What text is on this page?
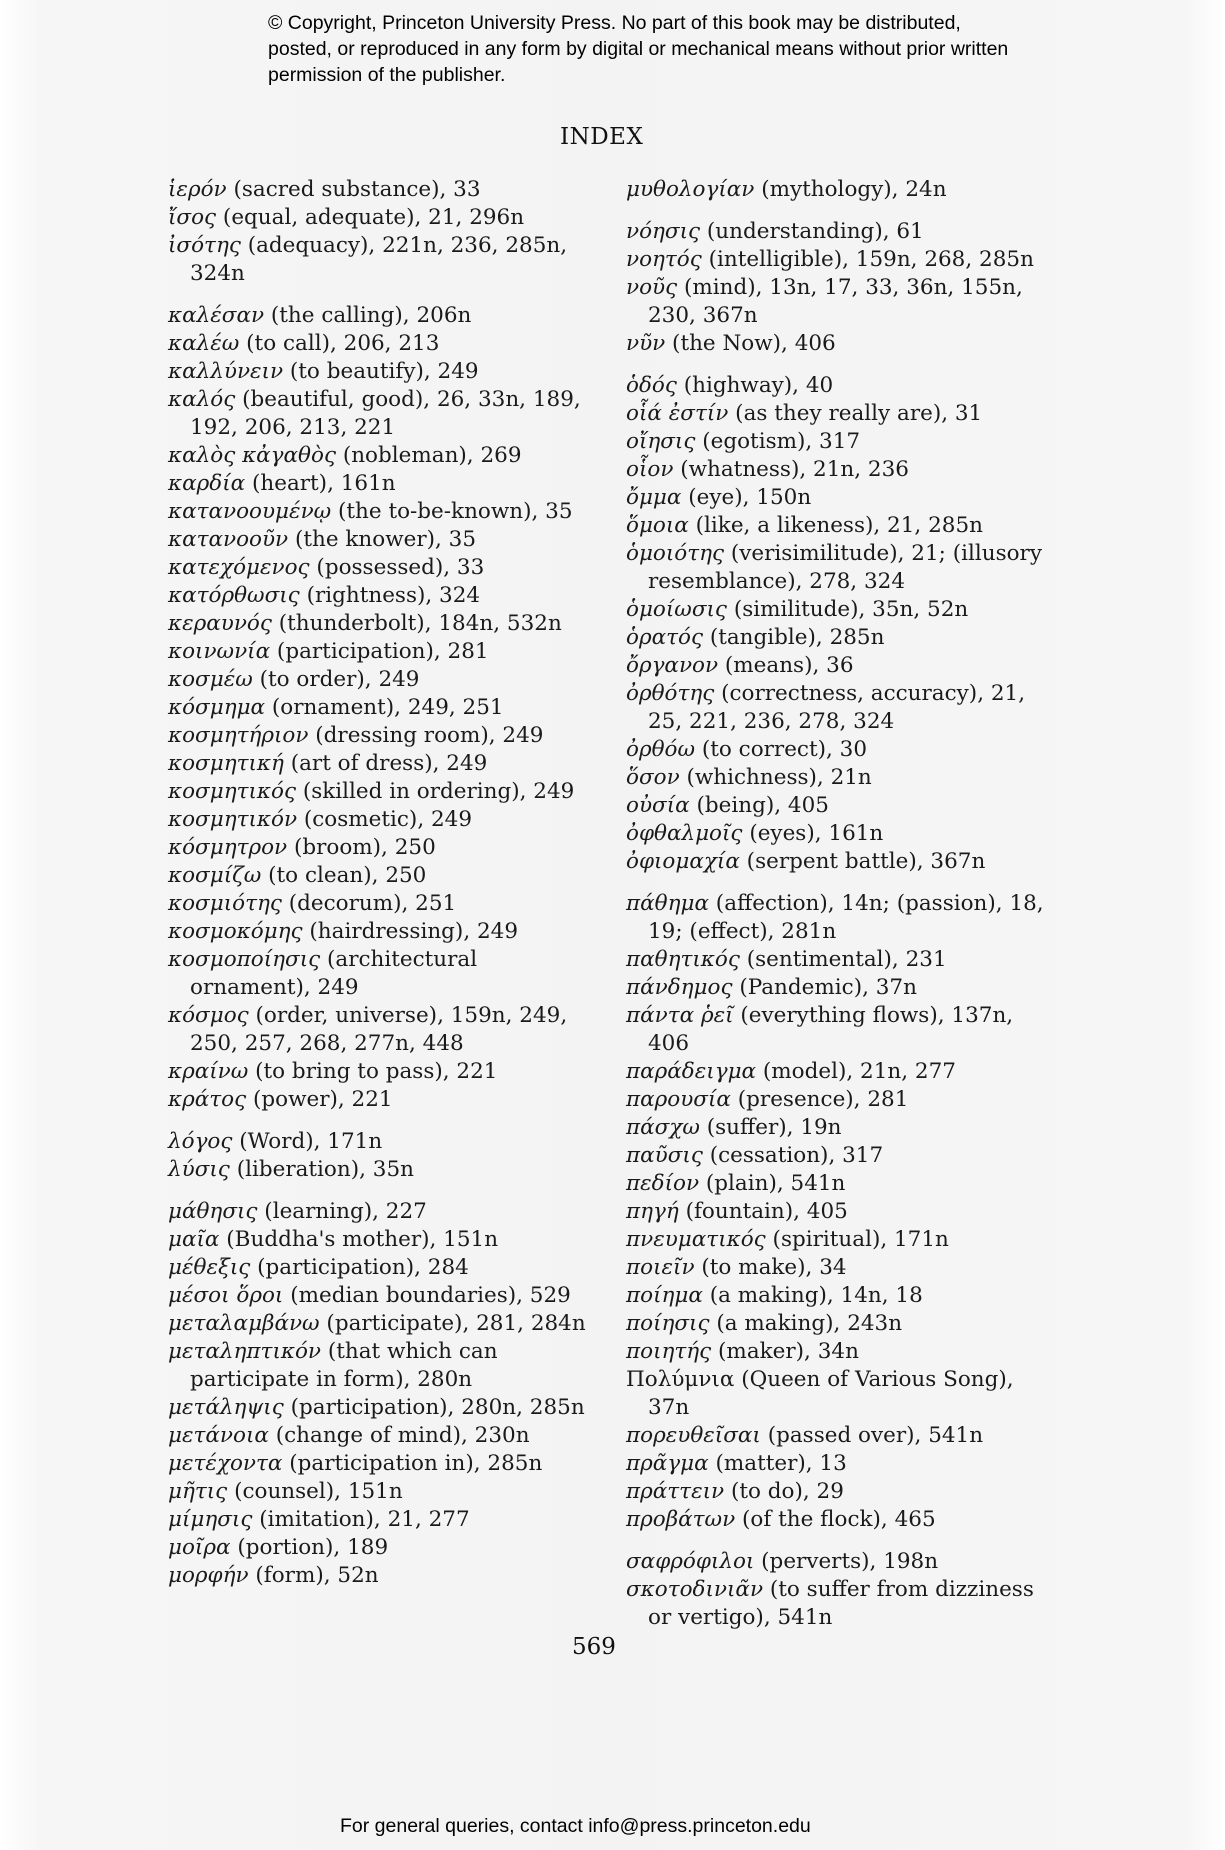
© Copyright, Princeton University Press. No part of this book may be distributed, posted, or reproduced in any form by digital or mechanical means without prior written permission of the publisher.
INDEX
ἱερόν (sacred substance), 33
ἴσος (equal, adequate), 21, 296n
ἰσότης (adequacy), 221n, 236, 285n, 324n
καλέσαν (the calling), 206n
καλέω (to call), 206, 213
καλλύνειν (to beautify), 249
καλός (beautiful, good), 26, 33n, 189, 192, 206, 213, 221
καλὸς κἀγαθὸς (nobleman), 269
καρδία (heart), 161n
κατανοουμένῳ (the to-be-known), 35
κατανοοῦν (the knower), 35
κατεχόμενος (possessed), 33
κατόρθωσις (rightness), 324
κεραυνός (thunderbolt), 184n, 532n
κοινωνία (participation), 281
κοσμέω (to order), 249
κόσμημα (ornament), 249, 251
κοσμητήριον (dressing room), 249
κοσμητική (art of dress), 249
κοσμητικός (skilled in ordering), 249
κοσμητικόν (cosmetic), 249
κόσμητρον (broom), 250
κοσμίζω (to clean), 250
κοσμιότης (decorum), 251
κοσμοκόμης (hairdressing), 249
κοσμοποίησις (architectural ornament), 249
κόσμος (order, universe), 159n, 249, 250, 257, 268, 277n, 448
κραίνω (to bring to pass), 221
κράτος (power), 221
λόγος (Word), 171n
λύσις (liberation), 35n
μάθησις (learning), 227
μαῖα (Buddha's mother), 151n
μέθεξις (participation), 284
μέσοι ὅροι (median boundaries), 529
μεταλαμβάνω (participate), 281, 284n
μεταληπτικόν (that which can participate in form), 280n
μετάληψις (participation), 280n, 285n
μετάνοια (change of mind), 230n
μετέχοντα (participation in), 285n
μῆτις (counsel), 151n
μίμησις (imitation), 21, 277
μοῖρα (portion), 189
μορφήν (form), 52n
μυθολογίαν (mythology), 24n
νόησις (understanding), 61
νοητός (intelligible), 159n, 268, 285n
νοῦς (mind), 13n, 17, 33, 36n, 155n, 230, 367n
νῦν (the Now), 406
ὁδός (highway), 40
οἷά ἐστίν (as they really are), 31
οἴησις (egotism), 317
οἷον (whatness), 21n, 236
ὄμμα (eye), 150n
ὅμοια (like, a likeness), 21, 285n
ὁμοιότης (verisimilitude), 21; (illusory resemblance), 278, 324
ὁμοίωσις (similitude), 35n, 52n
ὁρατός (tangible), 285n
ὄργανον (means), 36
ὀρθότης (correctness, accuracy), 21, 25, 221, 236, 278, 324
ὀρθόω (to correct), 30
ὅσον (whichness), 21n
οὐσία (being), 405
ὀφθαλμοῖς (eyes), 161n
ὀφιομαχία (serpent battle), 367n
πάθημα (affection), 14n; (passion), 18, 19; (effect), 281n
παθητικός (sentimental), 231
πάνδημος (Pandemic), 37n
πάντα ῥεῖ (everything flows), 137n, 406
παράδειγμα (model), 21n, 277
παρουσία (presence), 281
πάσχω (suffer), 19n
παῦσις (cessation), 317
πεδίον (plain), 541n
πηγή (fountain), 405
πνευματικός (spiritual), 171n
ποιεῖν (to make), 34
ποίημα (a making), 14n, 18
ποίησις (a making), 243n
ποιητής (maker), 34n
Πολύμνια (Queen of Various Song), 37n
πορευθεῖσαι (passed over), 541n
πρᾶγμα (matter), 13
πράττειν (to do), 29
προβάτων (of the flock), 465
σαφρόφιλοι (perverts), 198n
σκοτοδινιᾶν (to suffer from dizziness or vertigo), 541n
569
For general queries, contact info@press.princeton.edu
